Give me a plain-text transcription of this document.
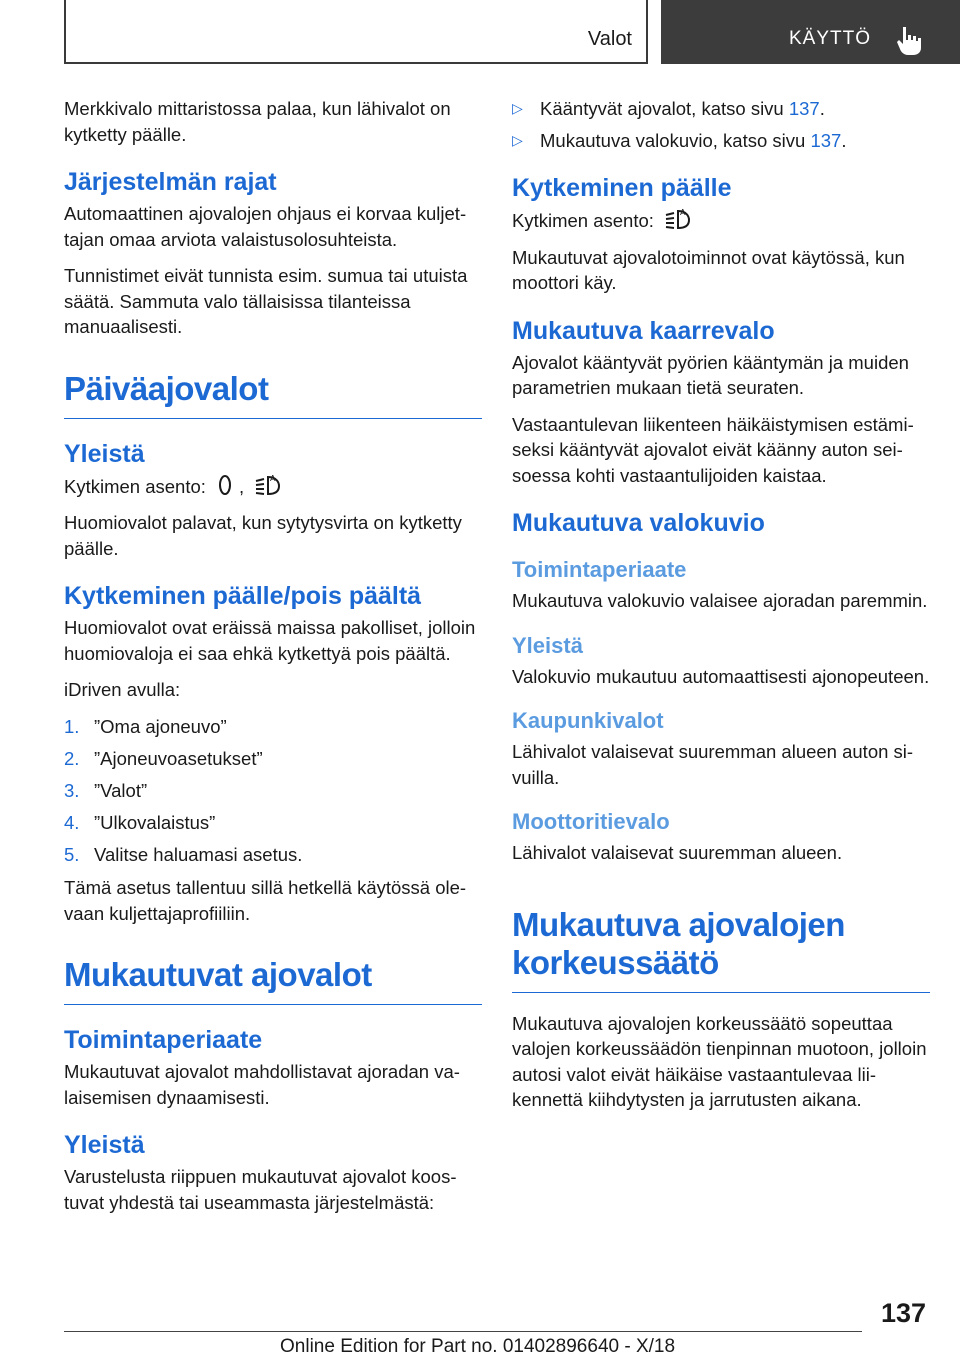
Valot	KÄYTTÖ

Merkkivalo mittaristossa palaa, kun lähivalot on kytketty päälle.

Järjestelmän rajat

Automaattinen ajovalojen ohjaus ei korvaa kuljettajan omaa arviota valaistusolosuhteista.

Tunnistimet eivät tunnista esim. sumua tai utuista säätä. Sammuta valo tällaisissa tilanteissa manuaalisesti.

Päiväajovalot
Yleistä

Kytkimen asento: ,	A

Huomiovalot palavat, kun sytytysvirta on kytketty päälle.

Kytkeminen päälle/pois päältä

Huomiovalot ovat eräissä maissa pakolliset, jolloin huomiovaloja ei saa ehkä kytkettyä pois päältä.

iDriven avulla:

1. ”Oma ajoneuvo”
2. ”Ajoneuvoasetukset”
3. ”Valot”
4. ”Ulkovalaistus”
5. Valitse haluamasi asetus.

Tämä asetus tallentuu sillä hetkellä käytössä olevaan kuljettajaprofiiliin.

Mukautuvat ajovalot
Toimintaperiaate

Mukautuvat ajovalot mahdollistavat ajoradan valaisemisen dynaamisesti.

Yleistä

Varustelusta riippuen mukautuvat ajovalot koostuvat yhdestä tai useammasta järjestelmästä:

▷ Kääntyvät ajovalot, katso sivu 137.
▷ Mukautuva valokuvio, katso sivu 137.
Kytkeminen päälle

Kytkimen asento:	A

Mukautuvat ajovalotoiminnot ovat käytössä, kun moottori käy.

Mukautuva kaarrevalo

Ajovalot kääntyvät pyörien kääntymän ja muiden parametrien mukaan tietä seuraten.

Vastaantulevan liikenteen häikäistymisen estämiseksi kääntyvät ajovalot eivät käänny auton seisoessa kohti vastaantulijoiden kaistaa.

Mukautuva valokuvio
Toimintaperiaate

Mukautuva valokuvio valaisee ajoradan paremmin.

Yleistä

Valokuvio mukautuu automaattisesti ajonopeuteen.

Kaupunkivalot

Lähivalot valaisevat suuremman alueen auton sivuilla.

Moottoritievalo

Lähivalot valaisevat suuremman alueen.

Mukautuva ajovalojen korkeussäätö

Mukautuva ajovalojen korkeussäätö sopeuttaa valojen korkeussäädön tienpinnan muotoon, jolloin autosi valot eivät häikäise vastaantulevaa liikennettä kiihdytysten ja jarrutusten aikana.

137
Online Edition for Part no. 01402896640 - X/18
